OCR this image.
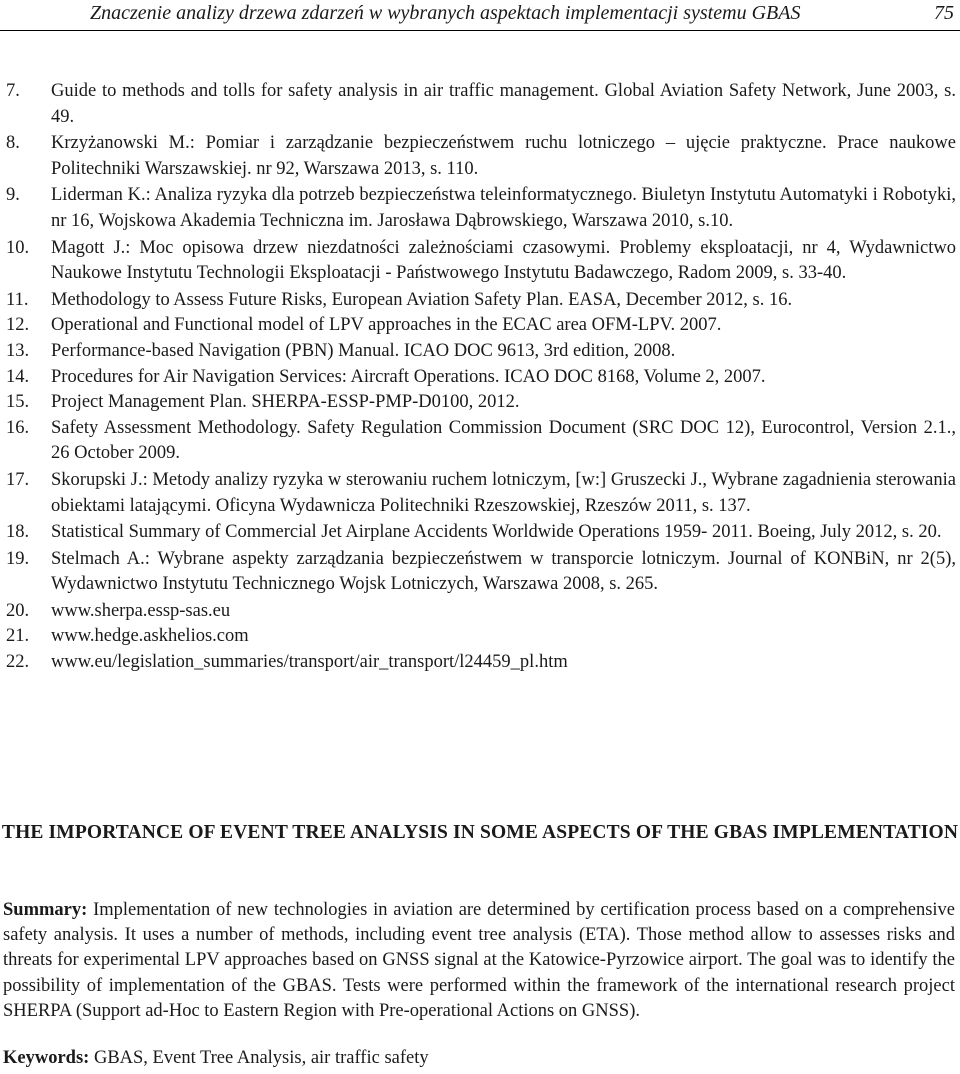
Znaczenie analizy drzewa zdarzeń w wybranych aspektach implementacji systemu GBAS	75
7. Guide to methods and tolls for safety analysis in air traffic management. Global Aviation Safety Network, June 2003, s. 49.
8. Krzyżanowski M.: Pomiar i zarządzanie bezpieczeństwem ruchu lotniczego – ujęcie praktyczne. Prace naukowe Politechniki Warszawskiej. nr 92, Warszawa 2013, s. 110.
9. Liderman K.: Analiza ryzyka dla potrzeb bezpieczeństwa teleinformatycznego. Biuletyn Instytutu Automatyki i Robotyki, nr 16, Wojskowa Akademia Techniczna im. Jarosława Dąbrowskiego, Warszawa 2010, s.10.
10. Magott J.: Moc opisowa drzew niezdatności zależnościami czasowymi. Problemy eksploatacji, nr 4, Wydawnictwo Naukowe Instytutu Technologii Eksploatacji - Państwowego Instytutu Badawczego, Radom 2009, s. 33-40.
11. Methodology to Assess Future Risks, European Aviation Safety Plan. EASA, December 2012, s. 16.
12. Operational and Functional model of LPV approaches in the ECAC area OFM-LPV. 2007.
13. Performance-based Navigation (PBN) Manual. ICAO DOC 9613, 3rd edition, 2008.
14. Procedures for Air Navigation Services: Aircraft Operations. ICAO DOC 8168, Volume 2, 2007.
15. Project Management Plan. SHERPA-ESSP-PMP-D0100, 2012.
16. Safety Assessment Methodology. Safety Regulation Commission Document (SRC DOC 12), Eurocontrol, Version 2.1., 26 October 2009.
17. Skorupski J.: Metody analizy ryzyka w sterowaniu ruchem lotniczym, [w:] Gruszecki J., Wybrane zagadnienia sterowania obiektami latającymi. Oficyna Wydawnicza Politechniki Rzeszowskiej, Rzeszów 2011, s. 137.
18. Statistical Summary of Commercial Jet Airplane Accidents Worldwide Operations 1959- 2011. Boeing, July 2012, s. 20.
19. Stelmach A.: Wybrane aspekty zarządzania bezpieczeństwem w transporcie lotniczym. Journal of KONBiN, nr 2(5), Wydawnictwo Instytutu Technicznego Wojsk Lotniczych, Warszawa 2008, s. 265.
20. www.sherpa.essp-sas.eu
21. www.hedge.askhelios.com
22. www.eu/legislation_summaries/transport/air_transport/l24459_pl.htm
THE IMPORTANCE OF EVENT TREE ANALYSIS IN SOME ASPECTS OF THE GBAS IMPLEMENTATION

Summary: Implementation of new technologies in aviation are determined by certification process based on a comprehensive safety analysis. It uses a number of methods, including event tree analysis (ETA). Those method allow to assesses risks and threats for experimental LPV approaches based on GNSS signal at the Katowice-Pyrzowice airport. The goal was to identify the possibility of implementation of the GBAS. Tests were performed within the framework of the international research project SHERPA (Support ad-Hoc to Eastern Region with Pre-operational Actions on GNSS).

Keywords: GBAS, Event Tree Analysis, air traffic safety
